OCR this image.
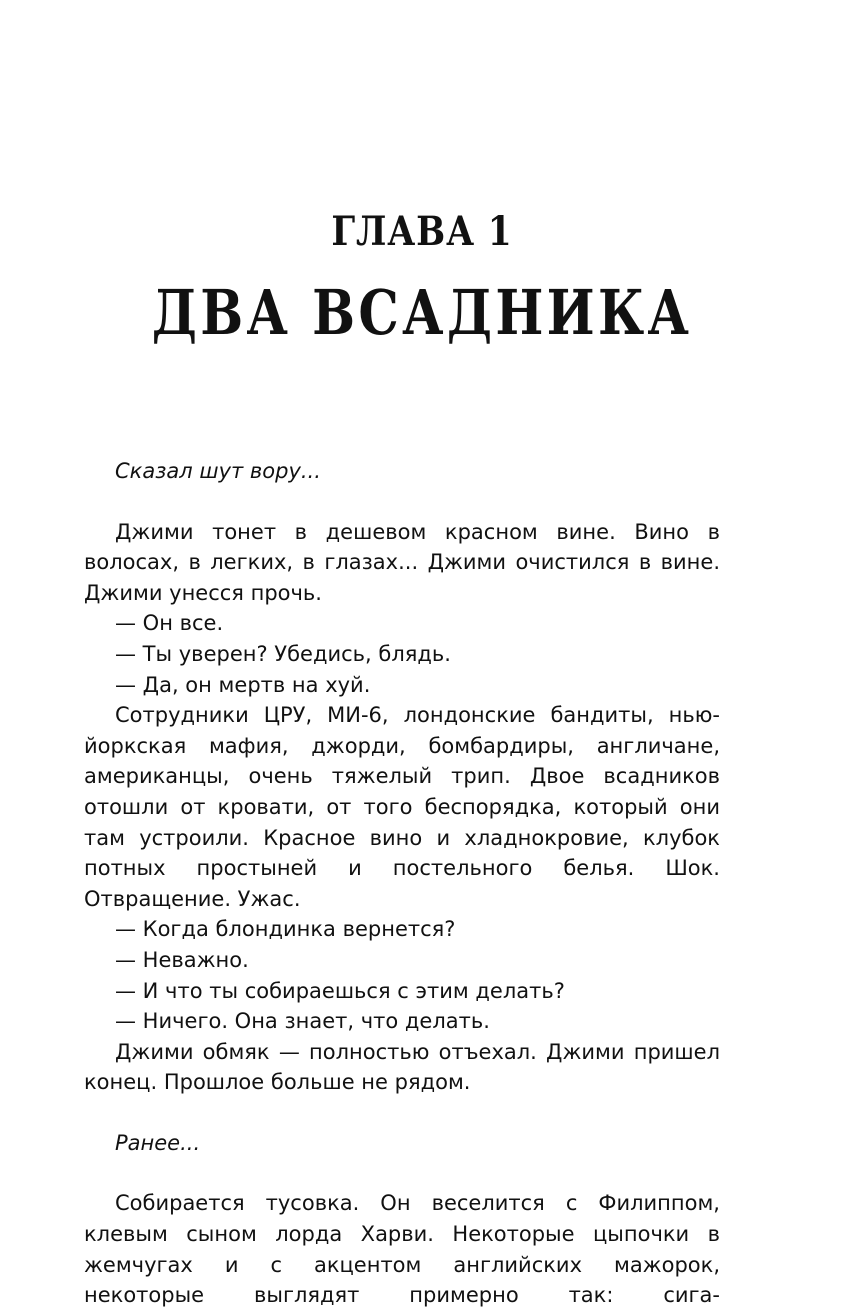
ГЛАВА 1
ДВА ВСАДНИКА

Сказал шут вору...

Джими тонет в дешевом красном вине. Вино в волосах, в легких, в глазах... Джими очистился в вине. Джими унесся прочь.

— Он все.

— Ты уверен? Убедись, блядь.

— Да, он мертв на хуй.

Сотрудники ЦРУ, МИ-6, лондонские бандиты, нью-йоркская мафия, джорди, бомбардиры, англичане, американцы, очень тяжелый трип. Двое всадников отошли от кровати, от того беспорядка, который они там устроили. Красное вино и хладнокровие, клубок потных простыней и постельного белья. Шок. Отвращение. Ужас.

— Когда блондинка вернется?

— Неважно.

— И что ты собираешься с этим делать?

— Ничего. Она знает, что делать.

Джими обмяк — полностью отъехал. Джими пришел конец. Прошлое больше не рядом.

Ранее...

Собирается тусовка. Он веселится с Филиппом, клевым сыном лорда Харви. Некоторые цыпочки в жемчугах и с акцентом английских мажорок, некоторые выглядят примерно так: сига-
